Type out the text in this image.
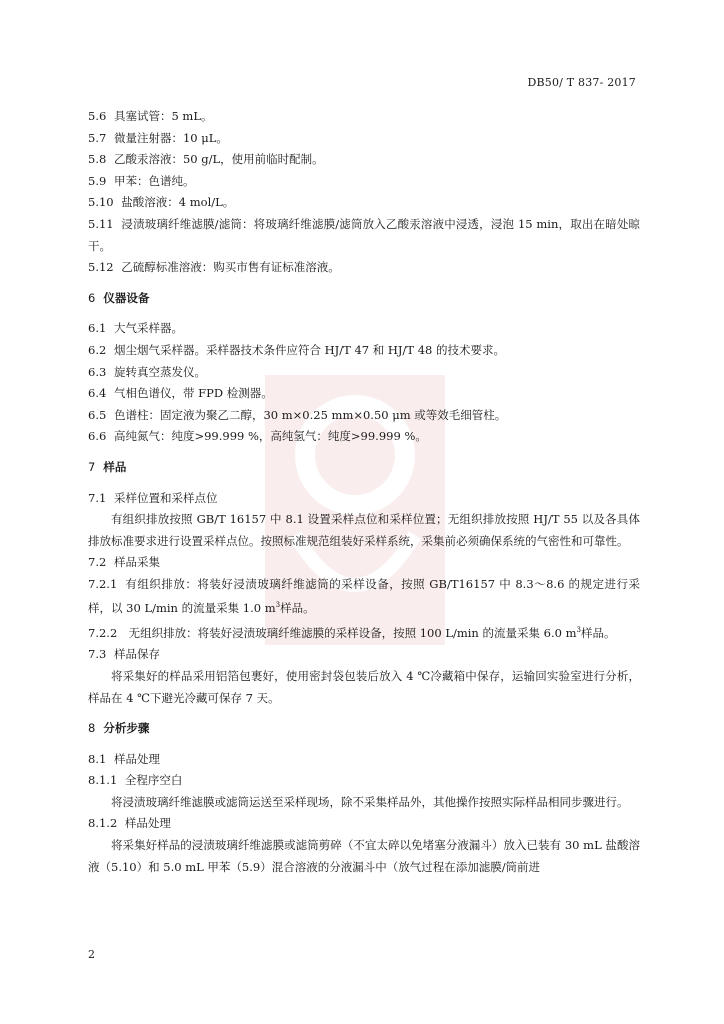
DB50/ T 837- 2017

5.6 具塞试管：5 mL。

5.7 微量注射器：10 μL。

5.8 乙酸汞溶液：50 g/L，使用前临时配制。

5.9 甲苯：色谱纯。

5.10 盐酸溶液：4 mol/L。

5.11 浸渍玻璃纤维滤膜/滤筒：将玻璃纤维滤膜/滤筒放入乙酸汞溶液中浸透，浸泡 15 min，取出在暗处晾干。

5.12 乙硫醇标准溶液：购买市售有证标准溶液。

6 仪器设备

6.1 大气采样器。

6.2 烟尘烟气采样器。采样器技术条件应符合 HJ/T 47 和 HJ/T 48 的技术要求。

6.3 旋转真空蒸发仪。

6.4 气相色谱仪，带 FPD 检测器。

6.5 色谱柱：固定液为聚乙二醇，30 m×0.25 mm×0.50 μm 或等效毛细管柱。

6.6 高纯氮气：纯度>99.999 %，高纯氢气：纯度>99.999 %。

7 样品

7.1 采样位置和采样点位

有组织排放按照 GB/T 16157 中 8.1 设置采样点位和采样位置；无组织排放按照 HJ/T 55 以及各具体排放标准要求进行设置采样点位。按照标准规范组装好采样系统，采集前必须确保系统的气密性和可靠性。

7.2 样品采集

7.2.1 有组织排放：将装好浸渍玻璃纤维滤筒的采样设备，按照 GB/T16157 中 8.3～8.6 的规定进行采样，以 30 L/min 的流量采集 1.0 $m^3$样品。

7.2.2 无组织排放：将装好浸渍玻璃纤维滤膜的采样设备，按照 100 L/min 的流量采集 6.0 $m^3$样品。

7.3 样品保存

将采集好的样品采用铝箔包裹好，使用密封袋包装后放入 4 ℃冷藏箱中保存，运输回实验室进行分析，样品在 4 ℃下避光冷藏可保存 7 天。

8 分析步骤

8.1 样品处理

8.1.1 全程序空白

将浸渍玻璃纤维滤膜或滤筒运送至采样现场，除不采集样品外，其他操作按照实际样品相同步骤进行。

8.1.2 样品处理

将采集好样品的浸渍玻璃纤维滤膜或滤筒剪碎（不宜太碎以免堵塞分液漏斗）放入已装有 30 mL 盐酸溶液（5.10）和 5.0 mL 甲苯（5.9）混合溶液的分液漏斗中（放气过程在添加滤膜/筒前进

2
